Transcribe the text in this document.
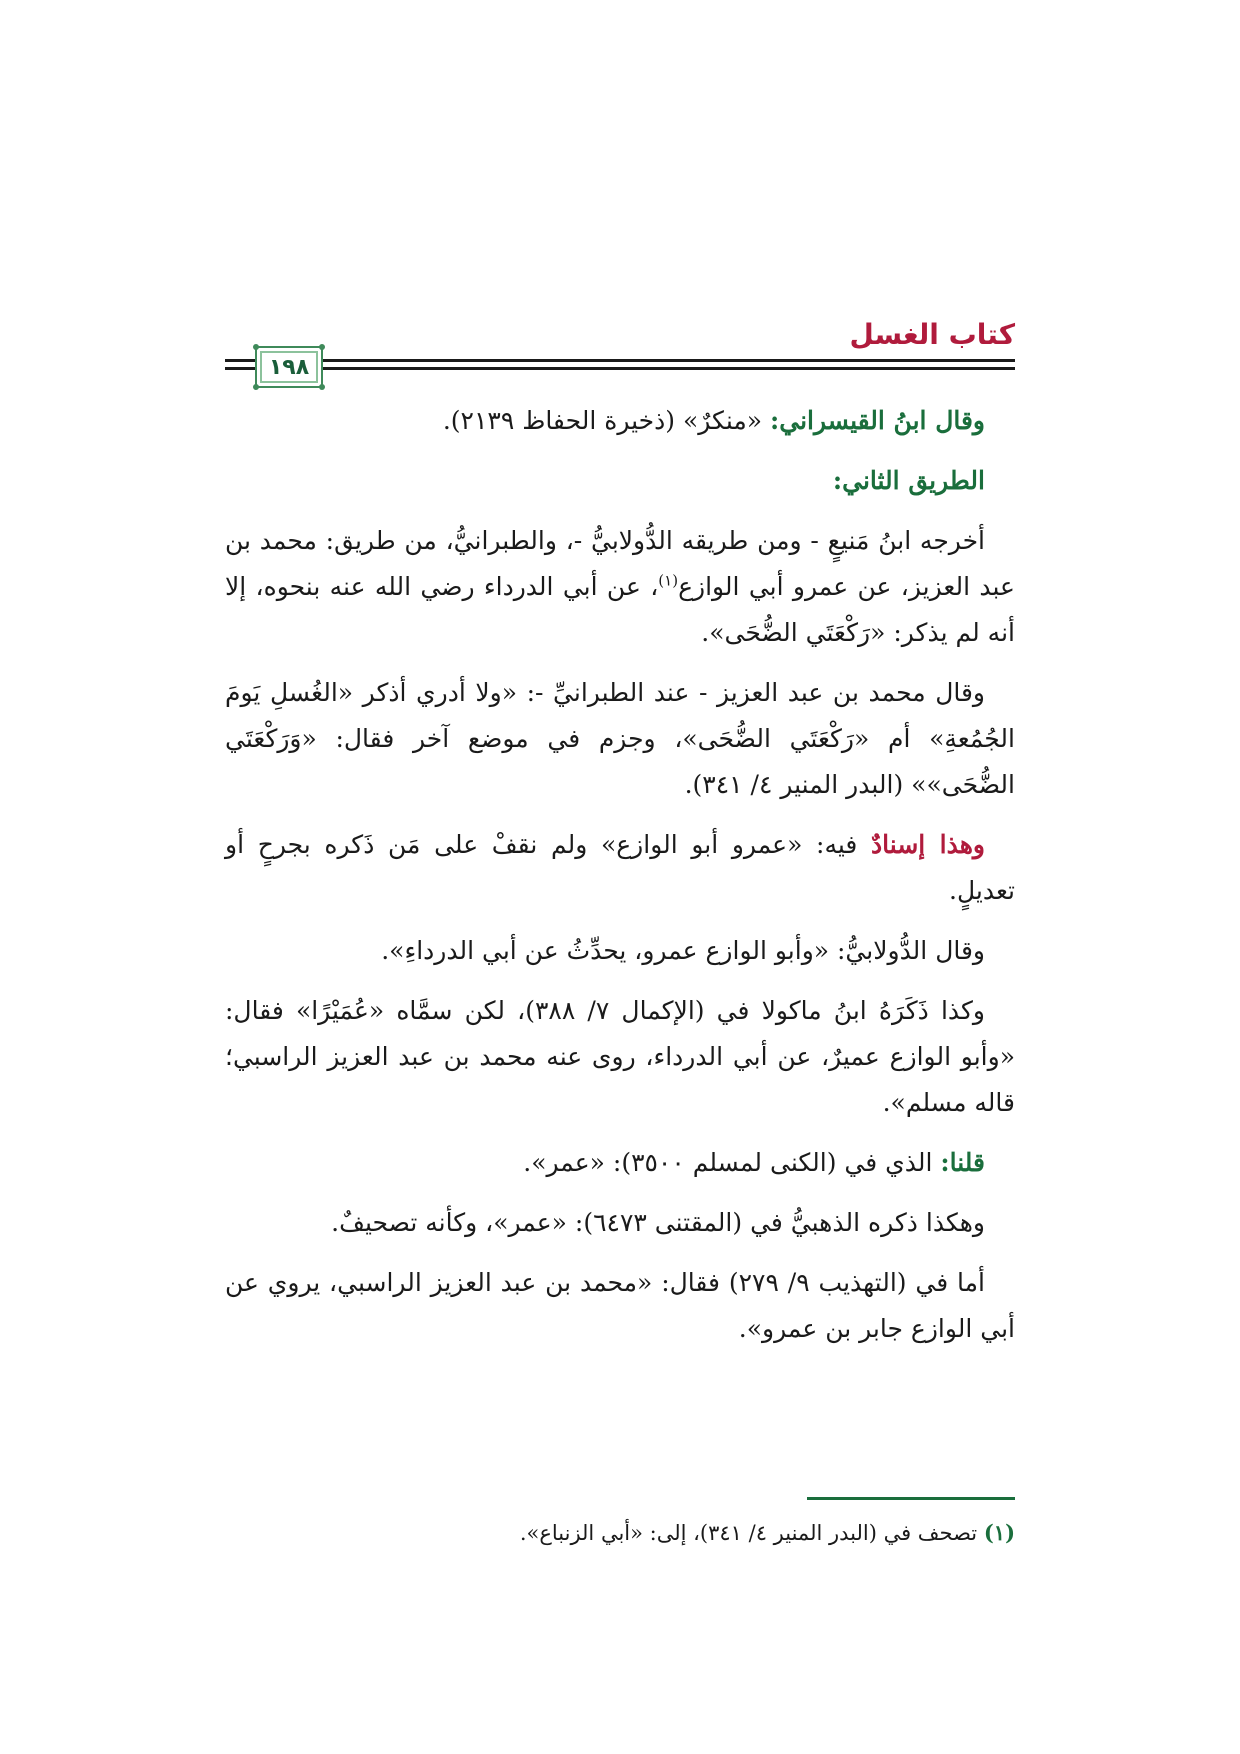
كتاب الغسل
١٩٨

وقال ابنُ القيسراني: «منكرٌ» (ذخيرة الحفاظ ٢١٣٩).

الطريق الثاني:

أخرجه ابنُ مَنيعٍ - ومن طريقه الدُّولابيُّ -، والطبرانيُّ، من طريق: محمد بن عبد العزيز، عن عمرو أبي الوازع$^{(١)}$، عن أبي الدرداء رضي الله عنه بنحوه، إلا أنه لم يذكر: «رَكْعَتَي الضُّحَى».

وقال محمد بن عبد العزيز - عند الطبرانيِّ -: «ولا أدري أذكر «الغُسلِ يَومَ الجُمُعةِ» أم «رَكْعَتَي الضُّحَى»، وجزم في موضع آخر فقال: «وَرَكْعَتَي الضُّحَى»» (البدر المنير ٤/ ٣٤١).

وهذا إسنادٌ فيه: «عمرو أبو الوازع» ولم نقفْ على مَن ذَكره بجرحٍ أو تعديلٍ.

وقال الدُّولابيُّ: «وأبو الوازع عمرو، يحدِّثُ عن أبي الدرداءِ».

وكذا ذَكَرَهُ ابنُ ماكولا في (الإكمال ٧/ ٣٨٨)، لكن سمَّاه «عُمَيْرًا» فقال: «وأبو الوازع عميرٌ، عن أبي الدرداء، روى عنه محمد بن عبد العزيز الراسبي؛ قاله مسلم».

قلنا: الذي في (الكنى لمسلم ٣٥٠٠): «عمر».

وهكذا ذكره الذهبيُّ في (المقتنى ٦٤٧٣): «عمر»، وكأنه تصحيفٌ.

أما في (التهذيب ٩/ ٢٧٩) فقال: «محمد بن عبد العزيز الراسبي، يروي عن أبي الوازع جابر بن عمرو».

(١) تصحف في (البدر المنير ٤/ ٣٤١)، إلى: «أبي الزنباع».
